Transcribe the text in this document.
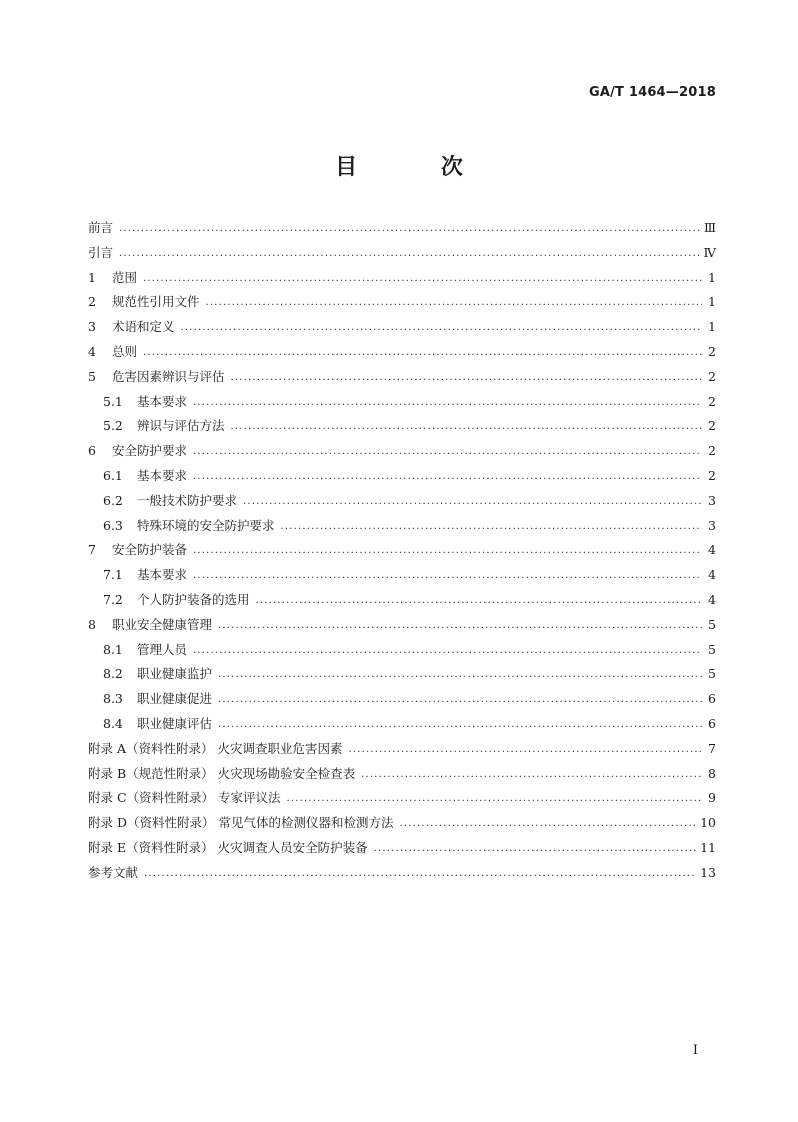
GA/T 1464—2018
目 次
前言 ·····	Ⅲ
引言 ·····	Ⅳ
1	范围 ·····	1
2	规范性引用文件 ·····	1
3	术语和定义 ·····	1
4	总则 ·····	2
5	危害因素辨识与评估 ·····	2
5.1	基本要求 ·····	2
5.2	辨识与评估方法 ·····	2
6	安全防护要求 ·····	2
6.1	基本要求 ·····	2
6.2	一般技术防护要求 ·····	3
6.3	特殊环境的安全防护要求 ·····	3
7	安全防护装备 ·····	4
7.1	基本要求 ·····	4
7.2	个人防护装备的选用 ·····	4
8	职业安全健康管理 ·····	5
8.1	管理人员 ·····	5
8.2	职业健康监护 ·····	5
8.3	职业健康促进 ·····	6
8.4	职业健康评估 ·····	6
附录 A（资料性附录） 火灾调查职业危害因素 ·····	7
附录 B（规范性附录） 火灾现场勘验安全检查表 ·····	8
附录 C（资料性附录） 专家评议法 ·····	9
附录 D（资料性附录） 常见气体的检测仪器和检测方法 ·····	10
附录 E（资料性附录） 火灾调查人员安全防护装备 ·····	11
参考文献 ·····	13
I
